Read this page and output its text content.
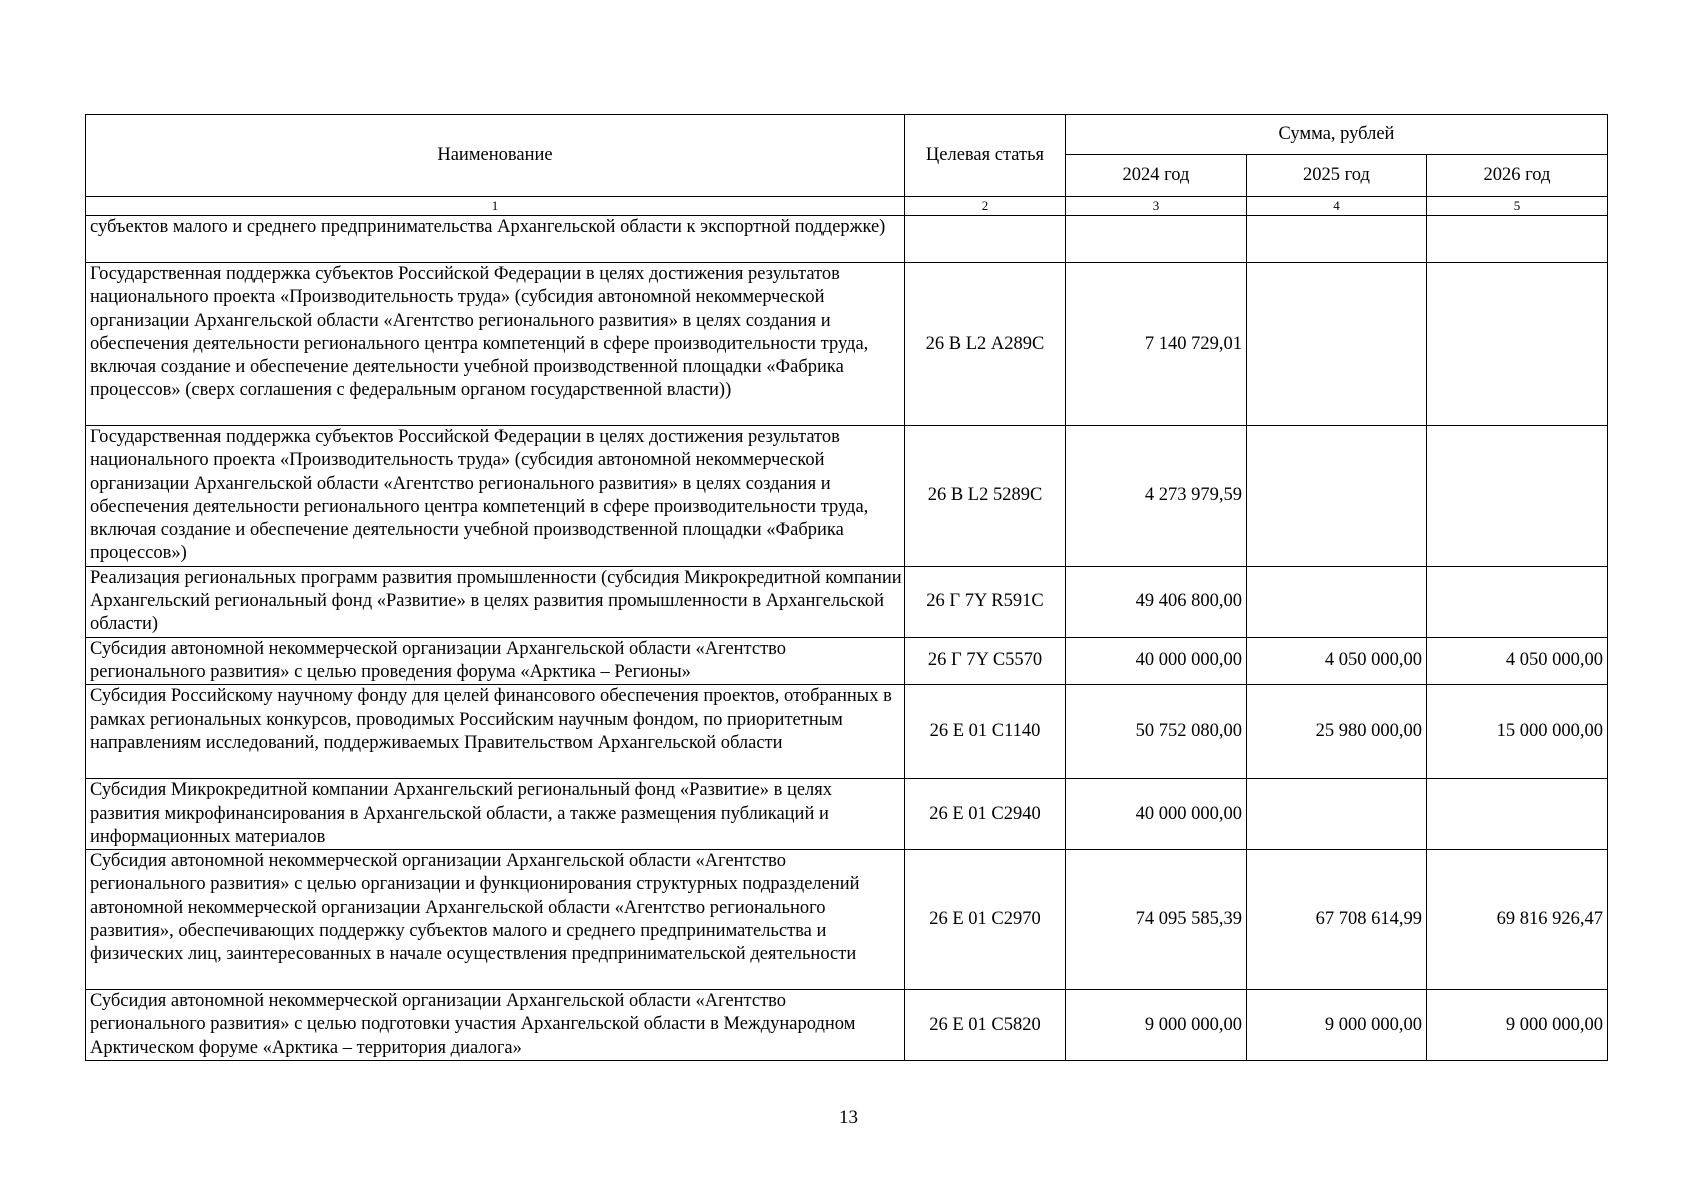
Наименование	Целевая статья	Сумма, рублей		
		2024 год	2025 год	2026 год
1	2	3	4	5
субъектов малого и среднего предпринимательства Архангельской области к экспортной поддержке)				
Государственная поддержка субъектов Российской Федерации в целях достижения результатов национального проекта «Производительность труда» (субсидия автономной некоммерческой организации Архангельской области «Агентство регионального развития» в целях создания и обеспечения деятельности регионального центра компетенций в сфере производительности труда, включая создание и обеспечение деятельности учебной производственной площадки «Фабрика процессов» (сверх соглашения с федеральным органом государственной власти))	26 В L2 А289С	7 140 729,01		
Государственная поддержка субъектов Российской Федерации в целях достижения результатов национального проекта «Производительность труда» (субсидия автономной некоммерческой организации Архангельской области «Агентство регионального развития» в целях создания и обеспечения деятельности регионального центра компетенций в сфере производительности труда, включая создание и обеспечение деятельности учебной производственной площадки «Фабрика процессов»)	26 В L2 5289С	4 273 979,59		
Реализация региональных программ развития промышленности (субсидия Микрокредитной компании Архангельский региональный фонд «Развитие» в целях развития промышленности в Архангельской области)	26 Г 7Y R591С	49 406 800,00		
Субсидия автономной некоммерческой организации Архангельской области «Агентство регионального развития» с целью проведения форума «Арктика – Регионы»	26 Г 7Y С5570	40 000 000,00	4 050 000,00	4 050 000,00
Субсидия Российскому научному фонду для целей финансового обеспечения проектов, отобранных в рамках региональных конкурсов, проводимых Российским научным фондом, по приоритетным направлениям исследований, поддерживаемых Правительством Архангельской области	26 Е 01 С1140	50 752 080,00	25 980 000,00	15 000 000,00
Субсидия Микрокредитной компании Архангельский региональный фонд «Развитие» в целях развития микрофинансирования в Архангельской области, а также размещения публикаций и информационных материалов	26 Е 01 С2940	40 000 000,00		
Субсидия автономной некоммерческой организации Архангельской области «Агентство регионального развития» с целью организации и функционирования структурных подразделений автономной некоммерческой организации Архангельской области «Агентство регионального развития», обеспечивающих поддержку субъектов малого и среднего предпринимательства и физических лиц, заинтересованных в начале осуществления предпринимательской деятельности	26 Е 01 С2970	74 095 585,39	67 708 614,99	69 816 926,47
Субсидия автономной некоммерческой организации Архангельской области «Агентство регионального развития» с целью подготовки участия Архангельской области в Международном Арктическом форуме «Арктика – территория диалога»	26 Е 01 С5820	9 000 000,00	9 000 000,00	9 000 000,00
13
